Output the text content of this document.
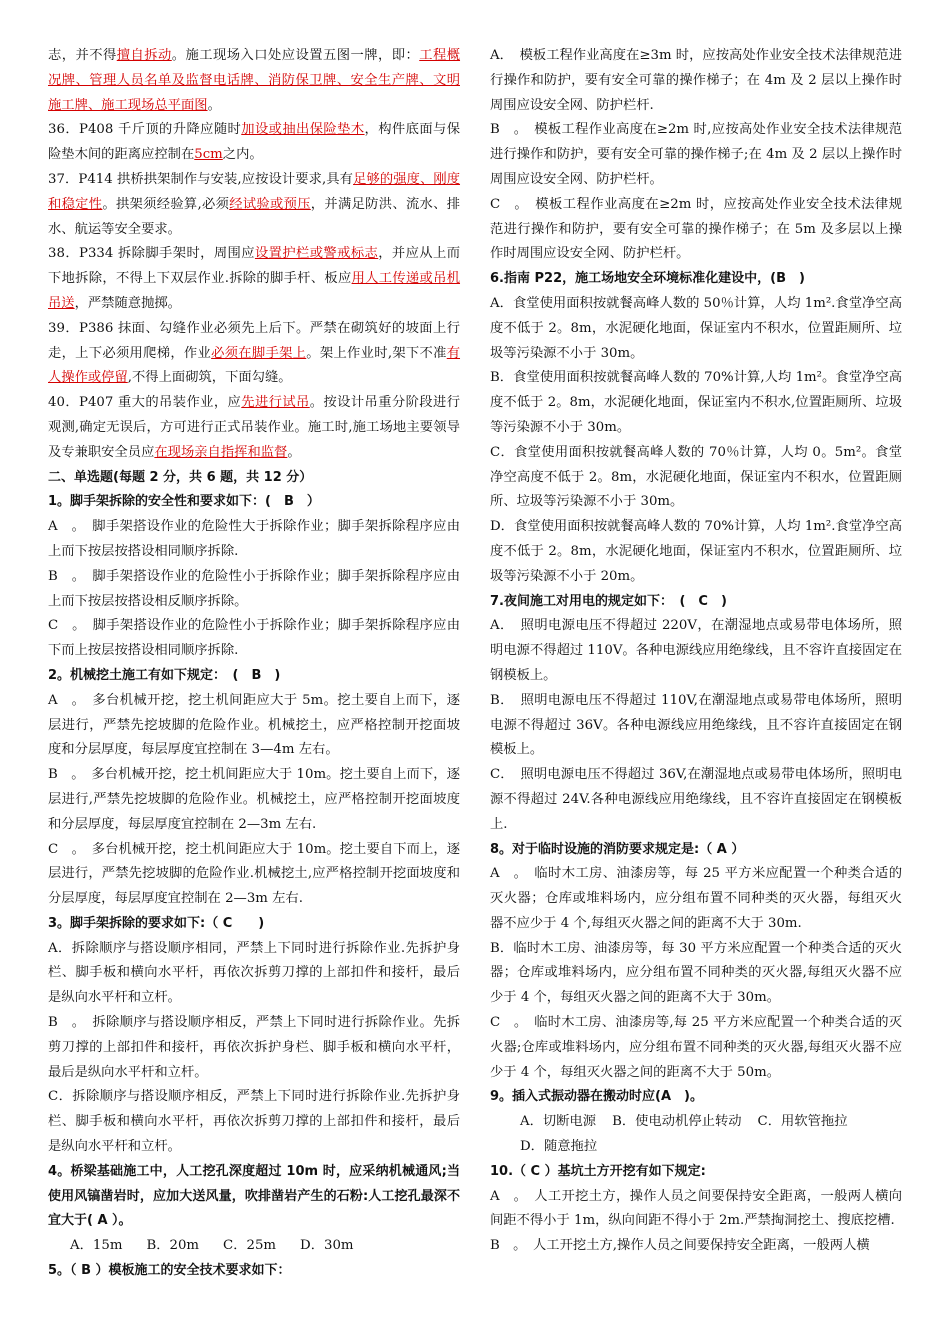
志，并不得擅自拆动。施工现场入口处应设置五图一牌，即：工程概况牌、管理人员名单及监督电话牌、消防保卫牌、安全生产牌、文明施工牌、施工现场总平面图。

36．P408 千斤顶的升降应随时加设或抽出保险垫木，构件底面与保险垫木间的距离应控制在5cm之内。

37．P414 拱桥拱架制作与安装,应按设计要求,具有足够的强度、刚度和稳定性。拱架须经验算,必须经试验或预压，并满足防洪、流水、排水、航运等安全要求。

38．P334 拆除脚手架时，周围应设置护栏或警戒标志，并应从上而下地拆除，不得上下双层作业.拆除的脚手杆、板应用人工传递或吊机吊送，严禁随意抛掷。

39．P386 抹面、勾缝作业必须先上后下。严禁在砌筑好的坡面上行走，上下必须用爬梯，作业必须在脚手架上。架上作业时,架下不准有人操作或停留,不得上面砌筑，下面勾缝。

40．P407 重大的吊装作业，应先进行试吊。按设计吊重分阶段进行观测,确定无误后，方可进行正式吊装作业。施工时,施工场地主要领导及专兼职安全员应在现场亲自指挥和监督。

二、单选题(每题 2 分，共 6 题，共 12 分）

1。脚手架拆除的安全性和要求如下：(　B　）

A　。　脚手架搭设作业的危险性大于拆除作业；脚手架拆除程序应由上而下按层按搭设相同顺序拆除.

B　。　脚手架搭设作业的危险性小于拆除作业；脚手架拆除程序应由上而下按层按搭设相反顺序拆除。

C　。　脚手架搭设作业的危险性小于拆除作业；脚手架拆除程序应由下而上按层按搭设相同顺序拆除.

2。机械挖土施工有如下规定：　(　B　)

A　。　多台机械开挖，挖土机间距应大于 5m。挖土要自上而下，逐层进行，严禁先挖坡脚的危险作业。机械挖土，应严格控制开挖面坡度和分层厚度，每层厚度宜控制在 3—4m 左右。

B　。　多台机械开挖，挖土机间距应大于 10m。挖土要自上而下，逐层进行,严禁先挖坡脚的危险作业。机械挖土，应严格控制开挖面坡度和分层厚度，每层厚度宜控制在 2—3m 左右.

C　。　多台机械开挖，挖土机间距应大于 10m。挖土要自下而上，逐层进行，严禁先挖坡脚的危险作业.机械挖土,应严格控制开挖面坡度和分层厚度，每层厚度宜控制在 2—3m 左右.

3。脚手架拆除的要求如下:（ C　　)

A．拆除顺序与搭设顺序相同，严禁上下同时进行拆除作业.先拆护身栏、脚手板和横向水平杆，再依次拆剪刀撑的上部扣件和接杆，最后是纵向水平杆和立杆。

B　。　拆除顺序与搭设顺序相反，严禁上下同时进行拆除作业。先拆剪刀撑的上部扣件和接杆，再依次拆护身栏、脚手板和横向水平杆，最后是纵向水平杆和立杆。

C．拆除顺序与搭设顺序相反，严禁上下同时进行拆除作业.先拆护身栏、脚手板和横向水平杆，再依次拆剪刀撑的上部扣件和接杆，最后是纵向水平杆和立杆。

4。桥梁基础施工中，人工挖孔深度超过 10m 时，应采纳机械通风;当使用风镐凿岩时，应加大送风量，吹排凿岩产生的石粉:人工挖孔最深不宜大于( A ）。

A．15m B．20m C．25m D．30m

5。（ B ）模板施工的安全技术要求如下：

A．　模板工程作业高度在≥3m 时，应按高处作业安全技术法律规范进行操作和防护，要有安全可靠的操作梯子；在 4m 及 2 层以上操作时周围应设安全网、防护栏杆.

B　。　模板工程作业高度在≥2m 时,应按高处作业安全技术法律规范进行操作和防护，要有安全可靠的操作梯子;在 4m 及 2 层以上操作时周围应设安全网、防护栏杆。

C　。　模板工程作业高度在≥2m 时，应按高处作业安全技术法律规范进行操作和防护，要有安全可靠的操作梯子；在 5m 及多层以上操作时周围应设安全网、防护栏杆。

6.指南 P22，施工场地安全环境标准化建设中，(B　)

A．食堂使用面积按就餐高峰人数的 50％计算，人均 1m².食堂净空高度不低于 2。8m，水泥硬化地面，保证室内不积水，位置距厕所、垃圾等污染源不小于 30m。

B．食堂使用面积按就餐高峰人数的 70%计算,人均 1m²。食堂净空高度不低于 2。8m，水泥硬化地面，保证室内不积水,位置距厕所、垃圾等污染源不小于 30m。

C．食堂使用面积按就餐高峰人数的 70％计算，人均 0。5m²。食堂净空高度不低于 2。8m，水泥硬化地面，保证室内不积水，位置距厕所、垃圾等污染源不小于 30m。

D．食堂使用面积按就餐高峰人数的 70%计算，人均 1m².食堂净空高度不低于 2。8m，水泥硬化地面，保证室内不积水，位置距厕所、垃圾等污染源不小于 20m。

7.夜间施工对用电的规定如下：　(　C　)

A．　照明电源电压不得超过 220V，在潮湿地点或易带电体场所，照明电源不得超过 110V。各种电源线应用绝缘线，且不容许直接固定在钢模板上。

B．　照明电源电压不得超过 110V,在潮湿地点或易带电体场所，照明电源不得超过 36V。各种电源线应用绝缘线，且不容许直接固定在钢模板上。

C．　照明电源电压不得超过 36V,在潮湿地点或易带电体场所，照明电源不得超过 24V.各种电源线应用绝缘线，且不容许直接固定在钢模板上.

8。对于临时设施的消防要求规定是:（ A ）

A　。　临时木工房、油漆房等，每 25 平方米应配置一个种类合适的灭火器；仓库或堆料场内，应分组布置不同种类的灭火器，每组灭火器不应少于 4 个,每组灭火器之间的距离不大于 30m.

B．临时木工房、油漆房等，每 30 平方米应配置一个种类合适的灭火器；仓库或堆料场内，应分组布置不同种类的灭火器,每组灭火器不应少于 4 个，每组灭火器之间的距离不大于 30m。

C　。　临时木工房、油漆房等,每 25 平方米应配置一个种类合适的灭火器;仓库或堆料场内，应分组布置不同种类的灭火器,每组灭火器不应少于 4 个，每组灭火器之间的距离不大于 50m。

9。插入式振动器在搬动时应(A　)。

A．切断电源 B．使电动机停止转动 C．用软管拖拉
D．随意拖拉

10.（ C ）基坑土方开挖有如下规定:

A　。　人工开挖土方，操作人员之间要保持安全距离，一般两人横向间距不得小于 1m，纵向间距不得小于 2m.严禁掏洞挖土、搜底挖槽.

B　。　人工开挖土方,操作人员之间要保持安全距离，一般两人横
